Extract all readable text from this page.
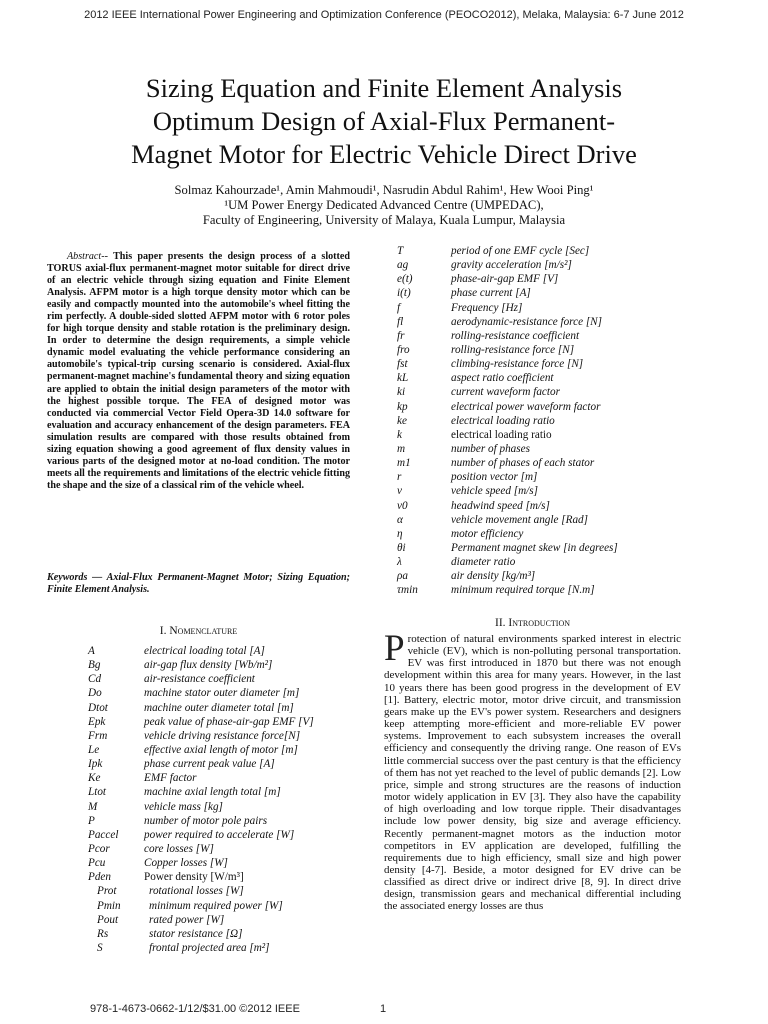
2012 IEEE International Power Engineering and Optimization Conference (PEOCO2012), Melaka, Malaysia: 6-7 June 2012
Sizing Equation and Finite Element Analysis
Optimum Design of Axial-Flux Permanent-
Magnet Motor for Electric Vehicle Direct Drive
Solmaz Kahourzade¹, Amin Mahmoudi¹, Nasrudin Abdul Rahim¹, Hew Wooi Ping¹
¹UM Power Energy Dedicated Advanced Centre (UMPEDAC),
Faculty of Engineering, University of Malaya, Kuala Lumpur, Malaysia
Abstract-- This paper presents the design process of a slotted TORUS axial-flux permanent-magnet motor suitable for direct drive of an electric vehicle through sizing equation and Finite Element Analysis. AFPM motor is a high torque density motor which can be easily and compactly mounted into the automobile's wheel fitting the rim perfectly. A double-sided slotted AFPM motor with 6 rotor poles for high torque density and stable rotation is the preliminary design. In order to determine the design requirements, a simple vehicle dynamic model evaluating the vehicle performance considering an automobile's typical-trip cursing scenario is considered. Axial-flux permanent-magnet machine's fundamental theory and sizing equation are applied to obtain the initial design parameters of the motor with the highest possible torque. The FEA of designed motor was conducted via commercial Vector Field Opera-3D 14.0 software for evaluation and accuracy enhancement of the design parameters. FEA simulation results are compared with those results obtained from sizing equation showing a good agreement of flux density values in various parts of the designed motor at no-load condition. The motor meets all the requirements and limitations of the electric vehicle fitting the shape and the size of a classical rim of the vehicle wheel.
Keywords — Axial-Flux Permanent-Magnet Motor; Sizing Equation; Finite Element Analysis.
I. Nomenclature
A	electrical loading total [A]
Bg	air-gap flux density [Wb/m²]
Cd	air-resistance coefficient
Do	machine stator outer diameter [m]
Dtot	machine outer diameter total [m]
Epk	peak value of phase-air-gap EMF [V]
Frm	vehicle driving resistance force[N]
Le	effective axial length of motor [m]
Ipk	phase current peak value [A]
Ke	EMF factor
Ltot	machine axial length total [m]
M	vehicle mass [kg]
P	number of motor pole pairs
Paccel power required to accelerate [W]
Pcor	core losses [W]
Pcu	Copper losses [W]
Pden	Power density [W/m³]
Prot	rotational losses [W]
Pmin	minimum required power [W]
Pout	rated power [W]
Rs	stator resistance [Ω]
S	frontal projected area [m²]
T	period of one EMF cycle [Sec]
ag	gravity acceleration [m/s²]
e(t)	phase-air-gap EMF [V]
i(t)	phase current [A]
f	Frequency [Hz]
fl	aerodynamic-resistance force [N]
fr	rolling-resistance coefficient
fro	rolling-resistance force [N]
fst	climbing-resistance force [N]
kL	aspect ratio coefficient
ki	current waveform factor
kp	electrical power waveform factor
ke	electrical loading ratio
k	electrical loading ratio
m	number of phases
m1	number of phases of each stator
r	position vector [m]
v	vehicle speed [m/s]
v0	headwind speed [m/s]
α	vehicle movement angle [Rad]
η	motor efficiency
θi	Permanent magnet skew [in degrees]
λ	diameter ratio
ρa	air density [kg/m³]
τmin	minimum required torque [N.m]
II. Introduction
P rotection of natural environments sparked interest in electric vehicle (EV), which is non-polluting personal transportation. EV was first introduced in 1870 but there was not enough development within this area for many years. However, in the last 10 years there has been good progress in the development of EV [1]. Battery, electric motor, motor drive circuit, and transmission gears make up the EV's power system. Researchers and designers keep attempting more-efficient and more-reliable EV power systems. Improvement to each subsystem increases the overall efficiency and consequently the driving range. One reason of EVs little commercial success over the past century is that the efficiency of them has not yet reached to the level of public demands [2]. Low price, simple and strong structures are the reasons of induction motor widely application in EV [3]. They also have the capability of high overloading and low torque ripple. Their disadvantages include low power density, big size and average efficiency. Recently permanent-magnet motors as the induction motor competitors in EV application are developed, fulfilling the requirements due to high efficiency, small size and high power density [4-7]. Beside, a motor designed for EV drive can be classified as direct drive or indirect drive [8, 9]. In direct drive design, transmission gears and mechanical differential including the associated energy losses are thus
978-1-4673-0662-1/12/$31.00 ©2012 IEEE	1
